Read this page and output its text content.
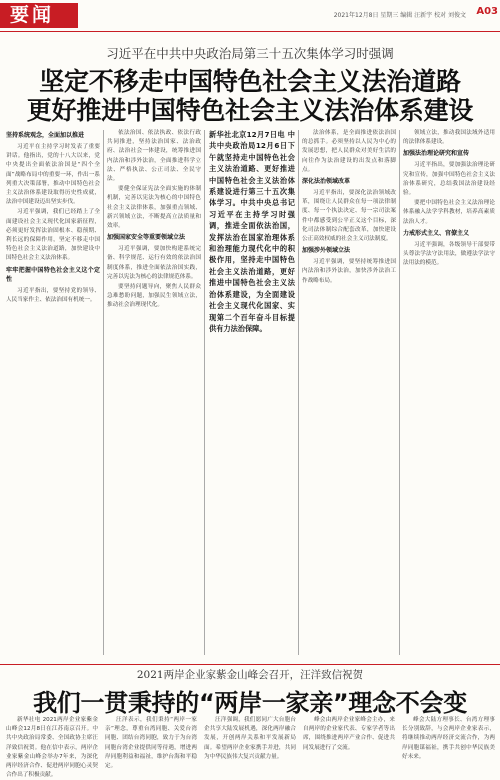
要闻	2021年12月8日 星期三 编辑 汪新宇 校对 刘俊文 A03
习近平在中共中央政治局第三十五次集体学习时强调
坚定不移走中国特色社会主义法治道路
更好推进中国特色社会主义法治体系建设
坚持系统观念，全面加以推进

习近平在主持学习时发表了重要讲话。他指出，党的十八大以来，党中央提出全面依法治国是“四个全面”战略布局中的重要一环，作出一系列重大决策部署，推动中国特色社会主义法治体系建设取得历史性成就，法治中国建设迈出坚实步伐。

习近平强调，我们已经踏上了全面建设社会主义现代化国家新征程，必须更好发挥法治固根本、稳预期、利长远的保障作用，坚定不移走中国特色社会主义法治道路，加快建设中国特色社会主义法治体系。

牢牢把握中国特色社会主义这个定性

习近平指出，要坚持党的领导、人民当家作主、依法治国有机统一。

依法治国、依法执政、依法行政共同推进，坚持法治国家、法治政府、法治社会一体建设，统筹推进国内法治和涉外法治，全面推进科学立法、严格执法、公正司法、全民守法。

要健全保证宪法全面实施的体制机制，完善以宪法为核心的中国特色社会主义法律体系，加强重点领域、新兴领域立法，不断提高立法质量和效率。

加强国家安全等重要领域立法

习近平强调，要加快构建系统完备、科学规范、运行有效的依法治国制度体系，推进全面依法治国实践，完善以宪法为核心的法律规范体系。

要坚持问题导向，聚焦人民群众急难愁盼问题，加强民生领域立法，推动社会治理现代化。

新华社北京12月7日电 中共中央政治局12月6日下午就坚持走中国特色社会主义法治道路、更好推进中国特色社会主义法治体系建设进行第三十五次集体学习。中共中央总书记习近平在主持学习时强调，推进全面依法治国，发挥法治在国家治理体系和治理能力现代化中的积极作用，坚持走中国特色社会主义法治道路，更好推进中国特色社会主义法治体系建设，为全面建设社会主义现代化国家、实现第二个百年奋斗目标提供有力法治保障。

法治体系，是全面推进依法治国的总抓手。必须坚持以人民为中心的发展思想，把人民群众对美好生活的向往作为法治建设的出发点和落脚点。

深化法治领域改革

习近平指出，要深化法治领域改革，围绕让人民群众在每一项法律制度、每一个执法决定、每一宗司法案件中都感受到公平正义这个目标，深化司法体制综合配套改革，加快建设公正高效权威的社会主义司法制度。

加强涉外领域立法

习近平强调，要坚持统筹推进国内法治和涉外法治，加快涉外法治工作战略布局。

领域立法，推动我国法域外适用的法律体系建设。

加强法治理论研究和宣传

习近平指出，要加强法治理论研究和宣传，加强中国特色社会主义法治体系研究，总结我国法治建设经验。

要把中国特色社会主义法治理论体系融入法学学科教材，培养高素质法治人才。

力戒形式主义、官僚主义

习近平强调，各级领导干部要带头尊法学法守法用法，做遵法学法守法用法的模范。

2021两岸企业家紫金山峰会召开，汪洋致信祝贺
我们一贯秉持的“两岸一家亲”理念不会变

新华社电 2021两岸企业家紫金山峰会12月8日在江苏南京召开。中共中央政治局常委、全国政协主席汪洋致信祝贺。他在信中表示，两岸企业家紫金山峰会举办7年来，为深化两岸经济合作、促进两岸同胞心灵契合作出了积极贡献。

汪洋表示，我们秉持“两岸一家亲”理念，尊重台湾同胞、关爱台湾同胞、团结台湾同胞，致力于为台湾同胞台湾企业提供同等待遇，增进两岸同胞利益和福祉，维护台海和平稳定。

汪洋强调，我们愿同广大台胞台企共享大陆发展机遇，深化两岸融合发展，开创两岸关系和平发展新局面。希望两岸企业家携手并进，共同为中华民族伟大复兴贡献力量。

峰会由两岸企业家峰会主办，来自两岸的企业家代表、专家学者等出席，围绕推进两岸产业合作、促进共同发展进行了交流。

峰会大陆方理事长、台湾方理事长分别致辞，与会两岸企业家表示，将继续推动两岸经济交流合作，为两岸同胞谋福祉，携手共创中华民族美好未来。
